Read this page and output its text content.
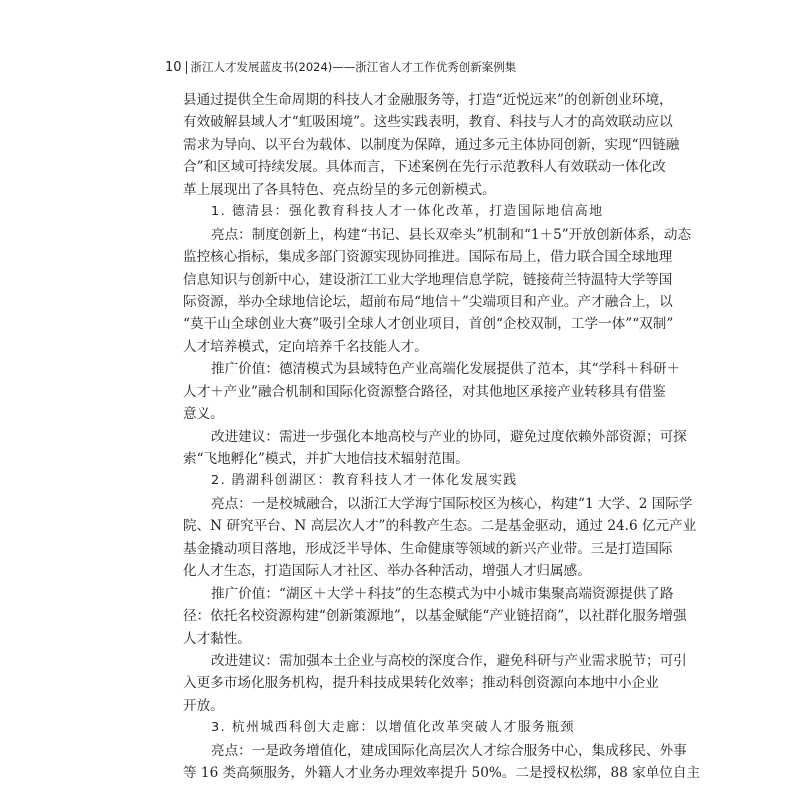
10 浙江人才发展蓝皮书(2024)——浙江省人才工作优秀创新案例集
县通过提供全生命周期的科技人才金融服务等，打造“近悦远来”的创新创业环境，
有效破解县域人才“虹吸困境”。这些实践表明，教育、科技与人才的高效联动应以
需求为导向、以平台为载体、以制度为保障，通过多元主体协同创新，实现“四链融
合”和区域可持续发展。具体而言，下述案例在先行示范教科人有效联动一体化改
革上展现出了各具特色、亮点纷呈的多元创新模式。
1. 德清县：强化教育科技人才一体化改革，打造国际地信高地
亮点：制度创新上，构建“书记、县长双牵头”机制和“1＋5”开放创新体系，动态
监控核心指标，集成多部门资源实现协同推进。国际布局上，借力联合国全球地理
信息知识与创新中心，建设浙江工业大学地理信息学院，链接荷兰特温特大学等国
际资源，举办全球地信论坛，超前布局“地信＋”尖端项目和产业。产才融合上，以
“莫干山全球创业大赛”吸引全球人才创业项目，首创“企校双制，工学一体”“双制”
人才培养模式，定向培养千名技能人才。
推广价值：德清模式为县域特色产业高端化发展提供了范本，其“学科＋科研＋
人才＋产业”融合机制和国际化资源整合路径，对其他地区承接产业转移具有借鉴
意义。
改进建议：需进一步强化本地高校与产业的协同，避免过度依赖外部资源；可探
索“飞地孵化”模式，并扩大地信技术辐射范围。
2. 鹃湖科创湖区：教育科技人才一体化发展实践
亮点：一是校城融合，以浙江大学海宁国际校区为核心，构建“1 大学、2 国际学
院、N 研究平台、N 高层次人才”的科教产生态。二是基金驱动，通过 24.6 亿元产业
基金撬动项目落地，形成泛半导体、生命健康等领域的新兴产业带。三是打造国际
化人才生态，打造国际人才社区、举办各种活动，增强人才归属感。
推广价值：“湖区＋大学＋科技”的生态模式为中小城市集聚高端资源提供了路
径：依托名校资源构建“创新策源地”，以基金赋能“产业链招商”，以社群化服务增强
人才黏性。
改进建议：需加强本土企业与高校的深度合作，避免科研与产业需求脱节；可引
入更多市场化服务机构，提升科技成果转化效率；推动科创资源向本地中小企业
开放。
3. 杭州城西科创大走廊：以增值化改革突破人才服务瓶颈
亮点：一是政务增值化，建成国际化高层次人才综合服务中心，集成移民、外事
等 16 类高频服务，外籍人才业务办理效率提升 50%。二是授权松绑，88 家单位自主
